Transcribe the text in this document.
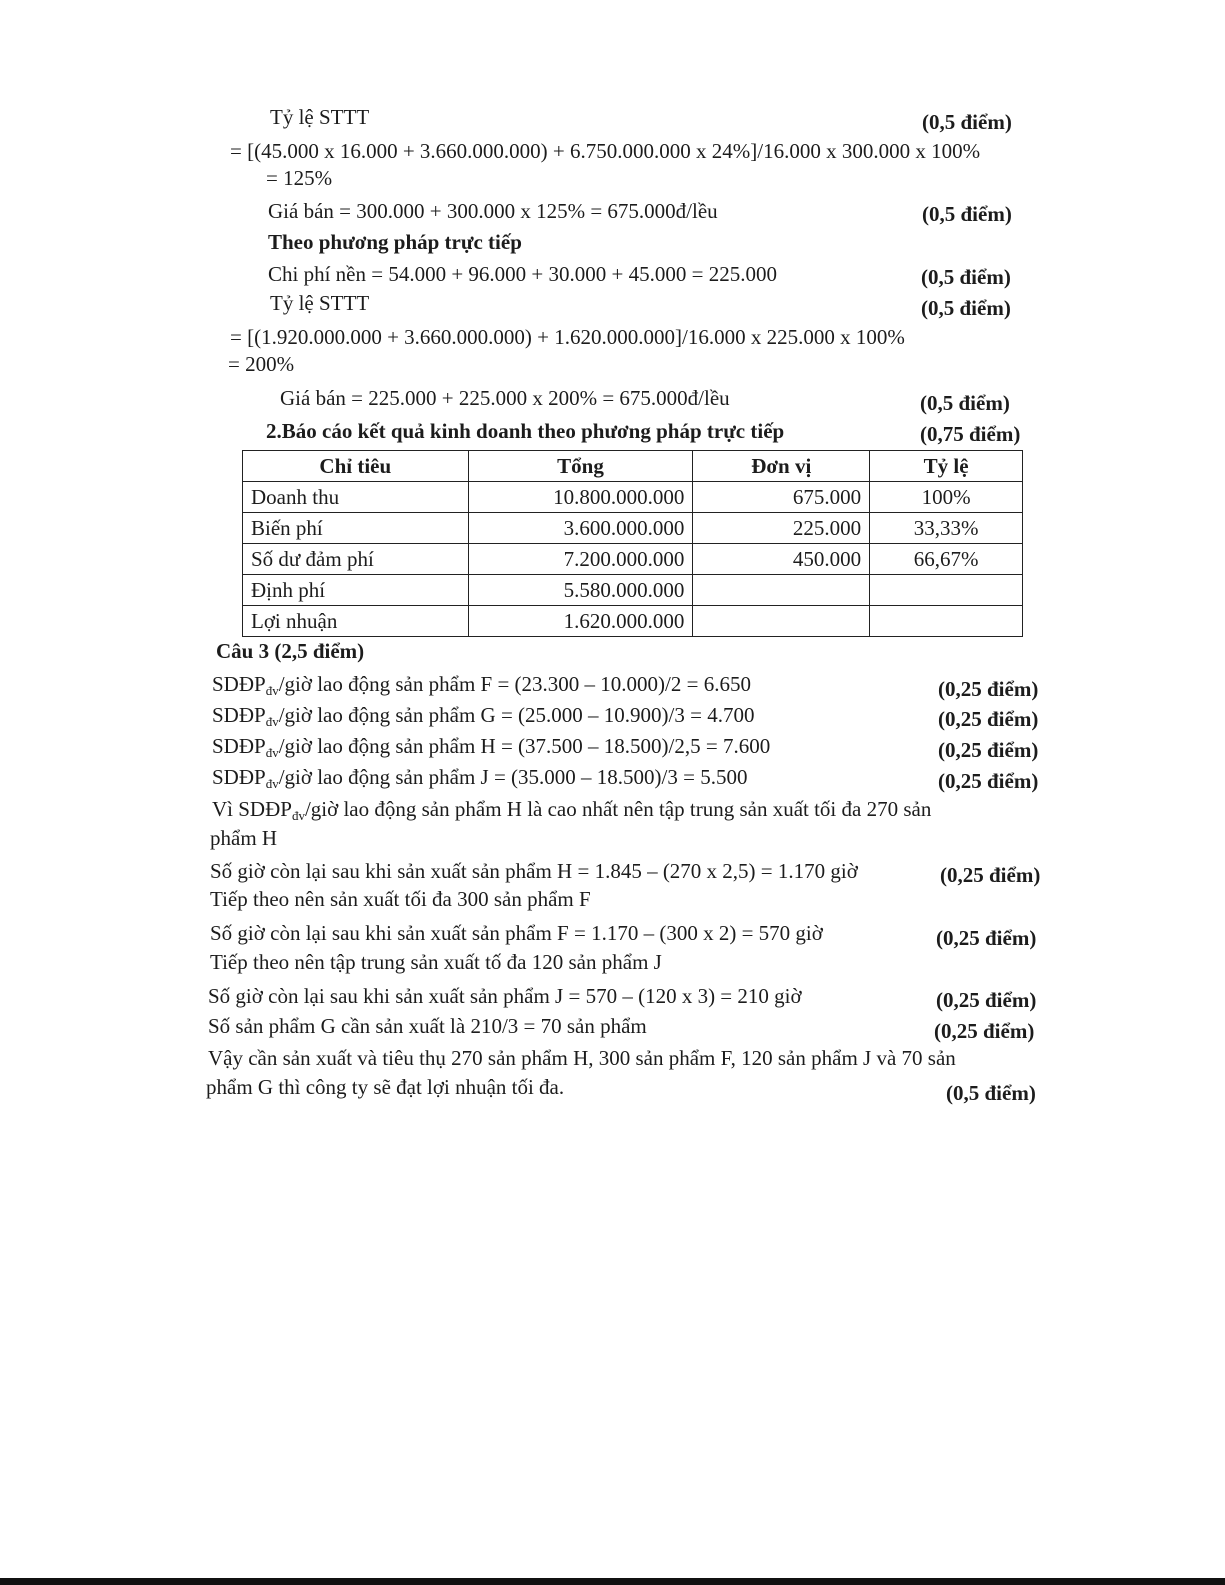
Tỷ lệ STTT	(0,5 điểm)
= [(45.000 x 16.000 + 3.660.000.000) + 6.750.000.000 x 24%]/16.000 x 300.000 x 100%
= 125%
Giá bán = 300.000 + 300.000 x 125% = 675.000đ/lều	(0,5 điểm)
Theo phương pháp trực tiếp
Chi phí nền = 54.000 + 96.000 + 30.000 + 45.000 = 225.000	(0,5 điểm)
Tỷ lệ STTT	(0,5 điểm)
= [(1.920.000.000 + 3.660.000.000) + 1.620.000.000]/16.000 x 225.000 x 100%
= 200%
Giá bán = 225.000 + 225.000 x 200% = 675.000đ/lều	(0,5 điểm)
2.Báo cáo kết quả kinh doanh theo phương pháp trực tiếp	(0,75 điểm)
Chỉ tiêu	Tổng	Đơn vị	Tỷ lệ
Doanh thu	10.800.000.000	675.000	100%
Biến phí	3.600.000.000	225.000	33,33%
Số dư đảm phí	7.200.000.000	450.000	66,67%
Định phí	5.580.000.000		
Lợi nhuận	1.620.000.000		
Câu 3 (2,5 điểm)
$SDĐP_{đv}$/giờ lao động sản phẩm F = (23.300 – 10.000)/2 = 6.650	(0,25 điểm)
$SDĐP_{đv}$/giờ lao động sản phẩm G = (25.000 – 10.900)/3 = 4.700	(0,25 điểm)
$SDĐP_{đv}$/giờ lao động sản phẩm H = (37.500 – 18.500)/2,5 = 7.600	(0,25 điểm)
$SDĐP_{đv}$/giờ lao động sản phẩm J = (35.000 – 18.500)/3 = 5.500	(0,25 điểm)
Vì $SDĐP_{đv}$/giờ lao động sản phẩm H là cao nhất nên tập trung sản xuất tối đa 270 sản
phẩm H
Số giờ còn lại sau khi sản xuất sản phẩm H = 1.845 – (270 x 2,5) = 1.170 giờ	(0,25 điểm)
Tiếp theo nên sản xuất tối đa 300 sản phẩm F
Số giờ còn lại sau khi sản xuất sản phẩm F = 1.170 – (300 x 2) = 570 giờ	(0,25 điểm)
Tiếp theo nên tập trung sản xuất tố đa 120 sản phẩm J
Số giờ còn lại sau khi sản xuất sản phẩm J = 570 – (120 x 3) = 210 giờ	(0,25 điểm)
Số sản phẩm G cần sản xuất là 210/3 = 70 sản phẩm	(0,25 điểm)
Vậy cần sản xuất và tiêu thụ 270 sản phẩm H, 300 sản phẩm F, 120 sản phẩm J và 70 sản
phẩm G thì công ty sẽ đạt lợi nhuận tối đa.	(0,5 điểm)
